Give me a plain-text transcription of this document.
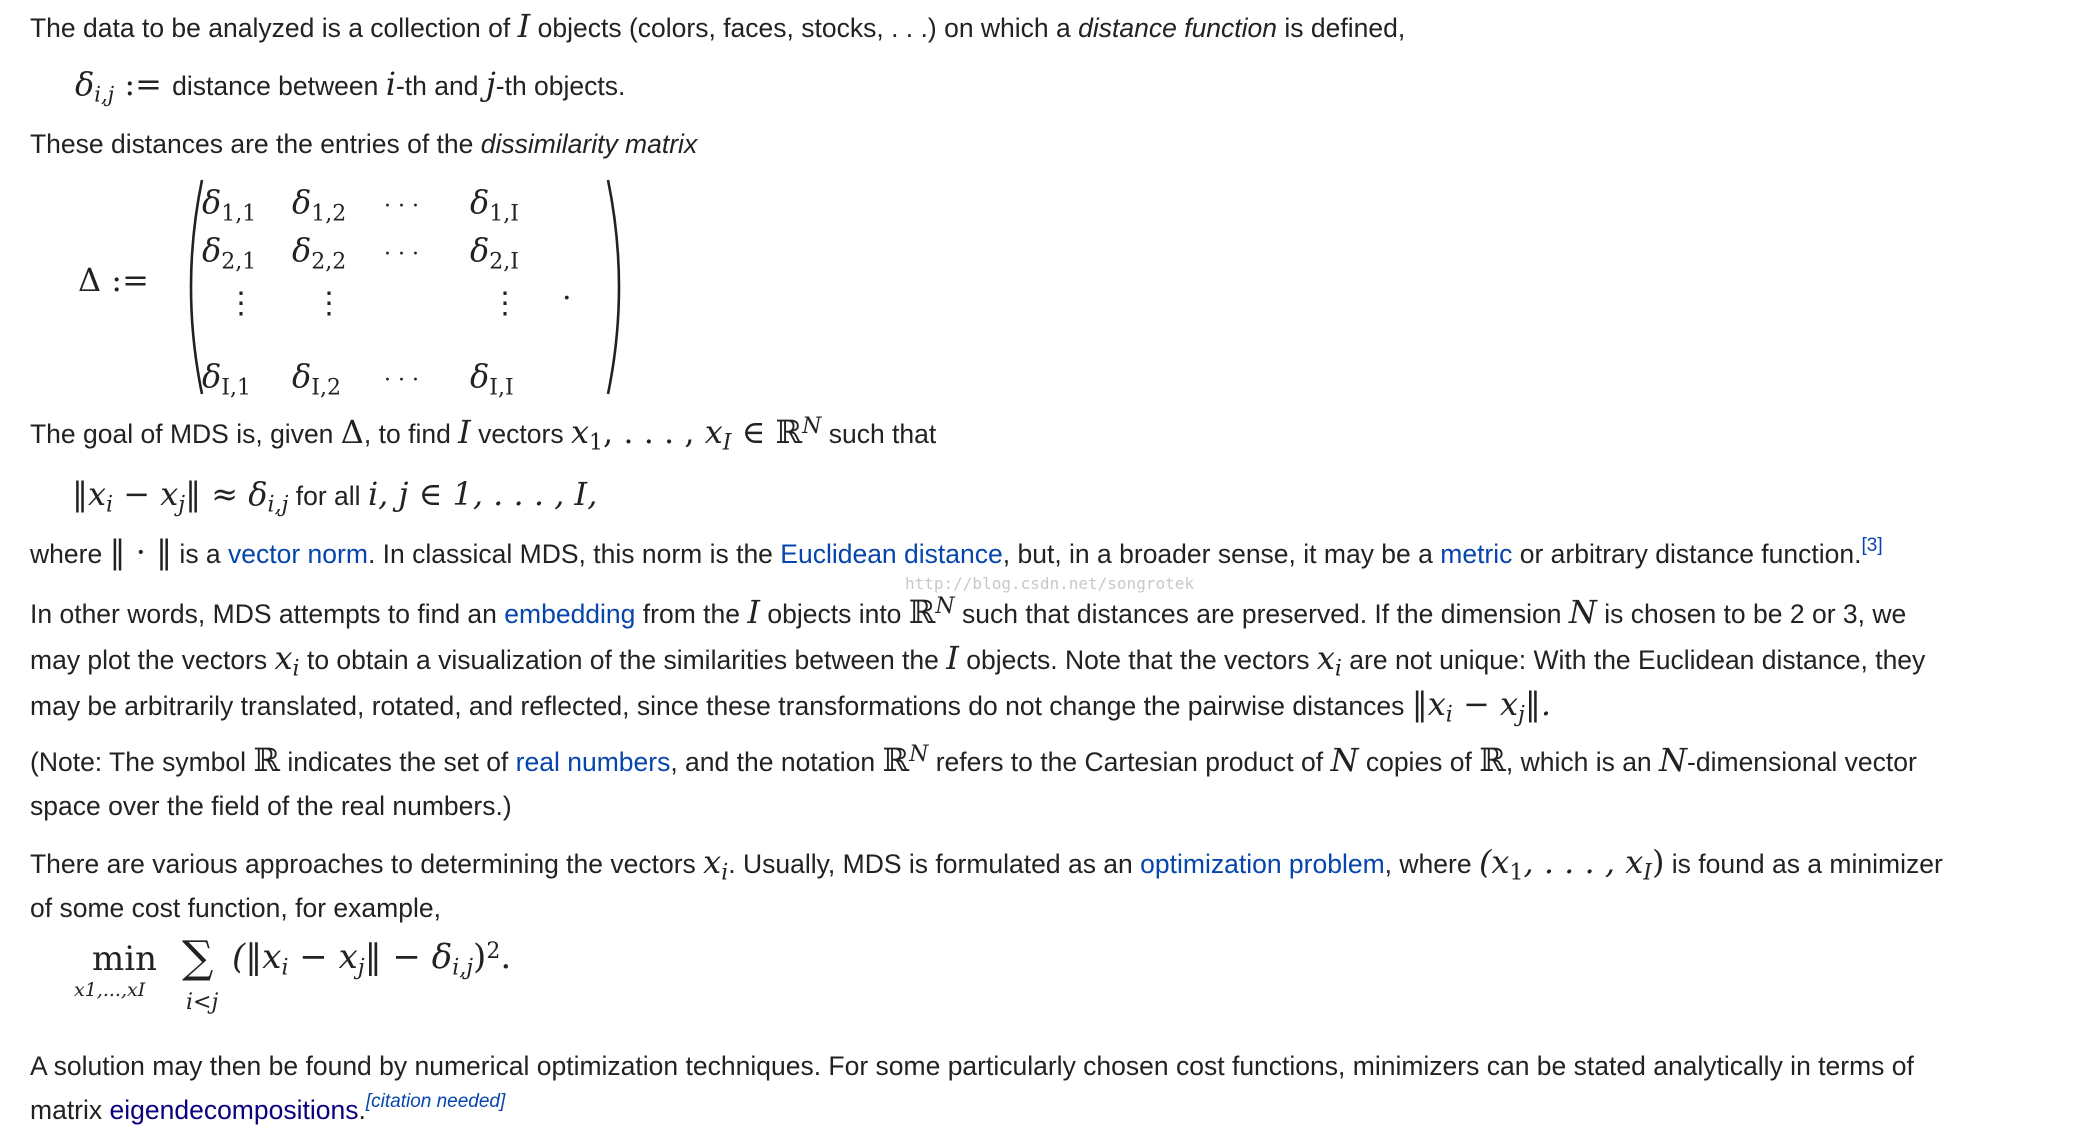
The data to be analyzed is a collection of I objects (colors, faces, stocks, . . .) on which a distance function is defined,

$\delta_{i,j}$ := distance between i-th and j-th objects.

These distances are the entries of the dissimilarity matrix

Δ :=
$\delta_{1,1}$ $\delta_{1,2}$ · · · $\delta_{1,I}$
$\delta_{2,1}$ $\delta_{2,2}$ · · · $\delta_{2,I}$
$\delta_{I,1}$ $\delta_{I,2}$ · · · $\delta_{I,I}$
⋮ ⋮	⋮ .

The goal of MDS is, given Δ, to find I vectors $x_1$, . . . , $x_I$ ∈ ℝ$^N$ such that

$‖x_i$ − $x_j‖ \approx \delta_{i,j}$ for all i, j ∈ 1, . . . , I,

where ‖ · ‖ is a vector norm. In classical MDS, this norm is the Euclidean distance, but, in a broader sense, it may be a metric or arbitrary distance function.[3]

http://blog.csdn.net/songrotek
In other words, MDS attempts to find an embedding from the I objects into ℝ$^N$ such that distances are preserved. If the dimension N is chosen to be 2 or 3, we
may plot the vectors $x_i$ to obtain a visualization of the similarities between the I objects. Note that the vectors $x_i$ are not unique: With the Euclidean distance, they
may be arbitrarily translated, rotated, and reflected, since these transformations do not change the pairwise distances $‖x_i$ − $x_j‖$.
(Note: The symbol ℝ indicates the set of real numbers, and the notation ℝ$^N$ refers to the Cartesian product of N copies of ℝ, which is an N-dimensional vector
space over the field of the real numbers.)
There are various approaches to determining the vectors $x_i$. Usually, MDS is formulated as an optimization problem, where ($x_1$, . . . , $x_I$) is found as a minimizer
of some cost function, for example,
min
x1,...,xI
∑
i<j
($‖x_i$ − $x_j‖ - \delta_{i,j})^2$.
A solution may then be found by numerical optimization techniques. For some particularly chosen cost functions, minimizers can be stated analytically in terms of
matrix eigendecompositions.[citation needed]
